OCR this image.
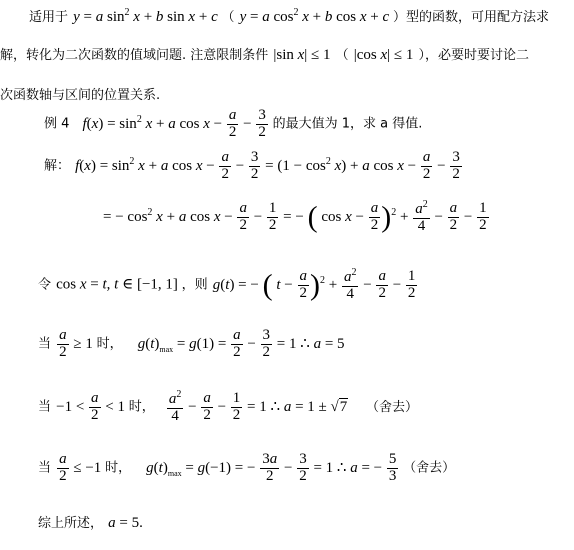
适用于 y = a $\sin^2 x + b$ sin x + c （ y = a $\cos^2 x + b$ cos x + c ）型的函数，可用配方法求
解，转化为二次函数的值域问题. 注意限制条件 |sin x| ≤ 1 （ |cos x| ≤ 1 ），必要时要讨论二
次函数轴与区间的位置关系.
例 4 $f(x) = \sin^2 x + a$ $\cos x - \frac{a}{2} - \frac{3}{2}$ 的最大值为 1，求 a 得值.
解： $f(x) = \sin^2 x + a$ $\cos x - \frac{a}{2} - \frac{3}{2} = (1 - \cos^2 x) + a$ $\cos x - \frac{a}{2} - \frac{3}{2}$
= − $\cos^2 x + a$ $\cos x - \frac{a}{2} - \frac{1}{2}$ = − ( $\cos x - \frac{a}{2} )^2 + \frac{a^2}{4} - \frac{a}{2} - \frac{1}{2}$
令 cos x = t, t ∈ [−1, 1] ，则 g(t) = − ( $t - \frac{a}{2} )^2 + \frac{a^2}{4} - \frac{a}{2} - \frac{1}{2}$
当 $\frac{a}{2} \ge 1$ 时， $g(t)_{max} = g(1) = \frac{a}{2} - \frac{3}{2} = 1$ ∴ a = 5
当 $-1 < \frac{a}{2} < 1$ 时， $\frac{a^2}{4} - \frac{a}{2} - \frac{1}{2} = 1$ ∴ a = 1 ± √7 （舍去）
当 $\frac{a}{2} \le -1$ 时， $g(t)_{max} = g(-1)$ = − $\frac{3a}{2} - \frac{3}{2} = 1$ ∴ a = − $\frac{5}{3}$ （舍去）
综上所述， a = 5.
